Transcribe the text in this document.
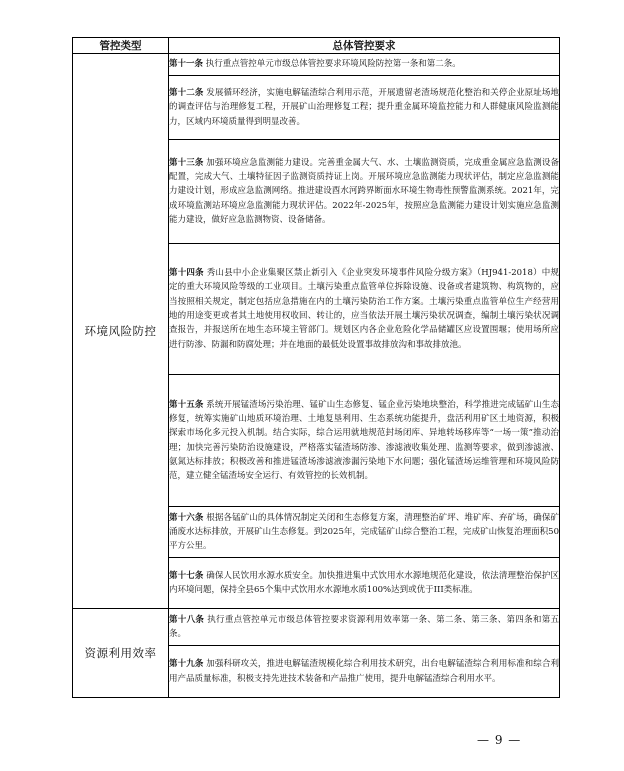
管控类型	总体管控要求
环境风险防控	第十一条 执行重点管控单元市级总体管控要求环境风险防控第一条和第二条。
	第十二条 发展循环经济，实施电解锰渣综合利用示范，开展遗留老渣场规范化整治和关停企业原址场地的调查评估与治理修复工程，开展矿山治理修复工程；提升重金属环境监控能力和人群健康风险监测能力，区域内环境质量得到明显改善。
	第十三条 加强环境应急监测能力建设。完善重金属大气、水、土壤监测资质，完成重金属应急监测设备配置，完成大气、土壤特征因子监测资质持证上岗。开展环境应急监测能力现状评估，制定应急监测能力建设计划，形成应急监测网络。推进建设酉水河跨界断面水环境生物毒性预警监测系统。2021年，完成环境监测站环境应急监测能力现状评估。2022年-2025年，按照应急监测能力建设计划实施应急监测能力建设，做好应急监测物资、设备储备。
	第十四条 秀山县中小企业集聚区禁止新引入《企业突发环境事件风险分级方案》（HJ941-2018）中规定的重大环境风险等级的工业项目。土壤污染重点监管单位拆除设施、设备或者建筑物、构筑物的，应当按照相关规定，制定包括应急措施在内的土壤污染防治工作方案。土壤污染重点监管单位生产经营用地的用途变更或者其土地使用权收回、转让的，应当依法开展土壤污染状况调查，编制土壤污染状况调查报告，并报送所在地生态环境主管部门。规划区内各企业危险化学品储罐区应设置围堰；使用场所应进行防渗、防漏和防腐处理；并在地面的最低处设置事故排放沟和事故排放池。
	第十五条 系统开展锰渣场污染治理、锰矿山生态修复、锰企业污染地块整治，科学推进完成锰矿山生态修复，统筹实施矿山地质环境治理、土地复垦利用、生态系统功能提升，盘活利用矿区土地资源，积极探索市场化多元投入机制。结合实际，综合运用就地规范封场闭库、异地转场移库等“一场一策”推动治理；加快完善污染防治设施建设，严格落实锰渣场防渗、渗滤液收集处理、监测等要求，做到渗滤液、氨氮达标排放；积极改善和推进锰渣场渗滤液渗漏污染地下水问题；强化锰渣场运维管理和环境风险防范，建立健全锰渣场安全运行、有效管控的长效机制。
	第十六条 根据各锰矿山的具体情况制定关闭和生态修复方案，清理整治矿坪、堆矿库、弃矿场，确保矿涌废水达标排放，开展矿山生态修复。到2025年，完成锰矿山综合整治工程，完成矿山恢复治理面积50平方公里。
	第十七条 确保人民饮用水源水质安全。加快推进集中式饮用水水源地规范化建设，依法清理整治保护区内环境问题，保持全县65个集中式饮用水水源地水质100%达到或优于III类标准。
资源利用效率	第十八条 执行重点管控单元市级总体管控要求资源利用效率第一条、第二条、第三条、第四条和第五条。
	第十九条 加强科研攻关，推进电解锰渣规模化综合利用技术研究，出台电解锰渣综合利用标准和综合利用产品质量标准，积极支持先进技术装备和产品推广使用，提升电解锰渣综合利用水平。
— 9 —
